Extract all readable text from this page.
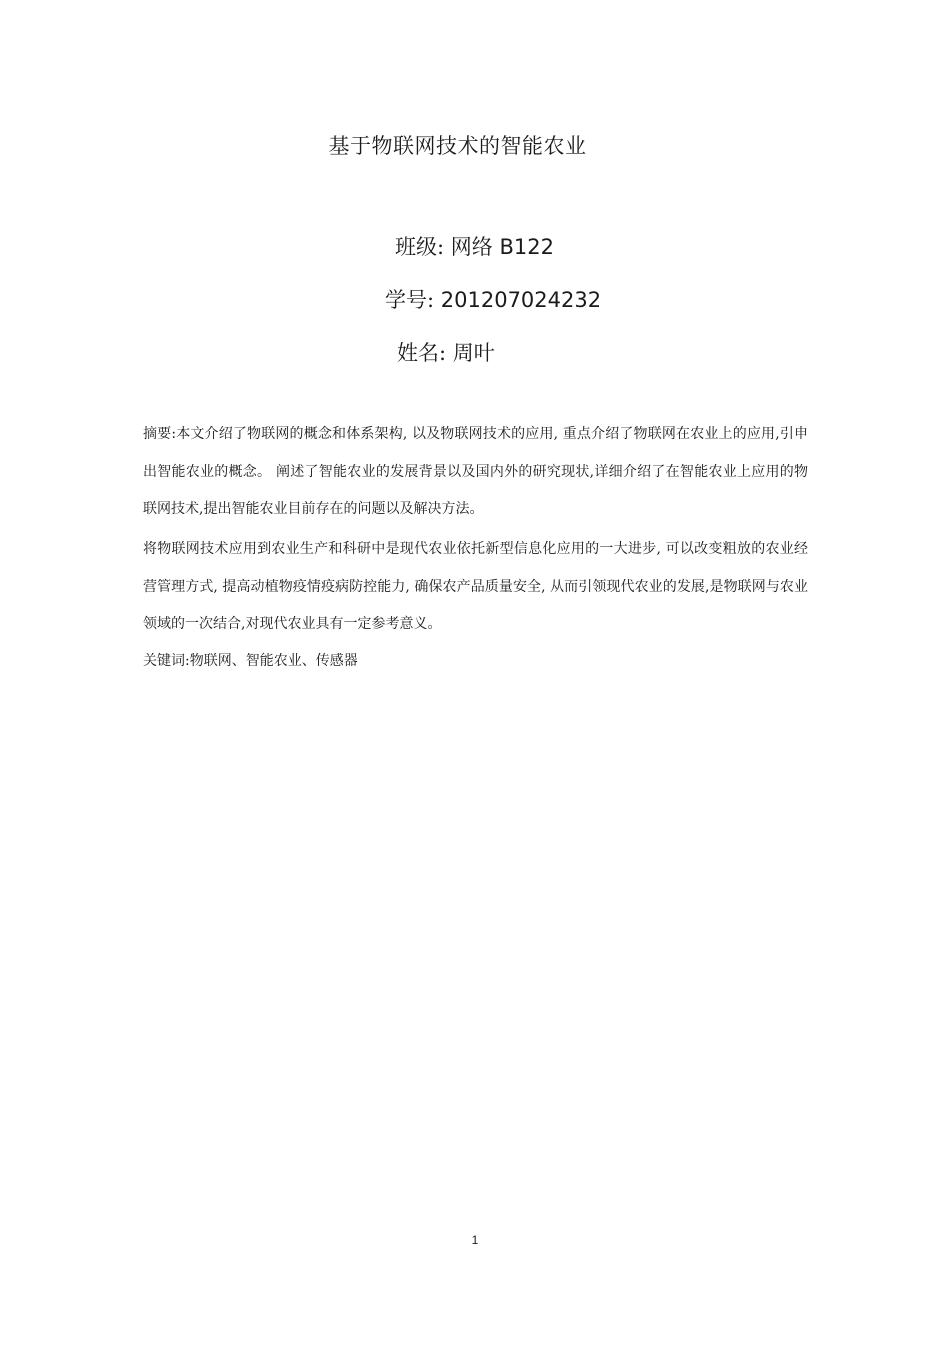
基于物联网技术的智能农业
班级: 网络 B122
学号: 201207024232
姓名: 周叶
摘要:本文介绍了物联网的概念和体系架构, 以及物联网技术的应用, 重点介绍了物联网在农业上的应用,引申出智能农业的概念。 阐述了智能农业的发展背景以及国内外的研究现状,详细介绍了在智能农业上应用的物联网技术,提出智能农业目前存在的问题以及解决方法。
将物联网技术应用到农业生产和科研中是现代农业依托新型信息化应用的一大进步, 可以改变粗放的农业经营管理方式, 提高动植物疫情疫病防控能力, 确保农产品质量安全, 从而引领现代农业的发展,是物联网与农业领域的一次结合,对现代农业具有一定参考意义。
关键词:物联网、智能农业、传感器
1
